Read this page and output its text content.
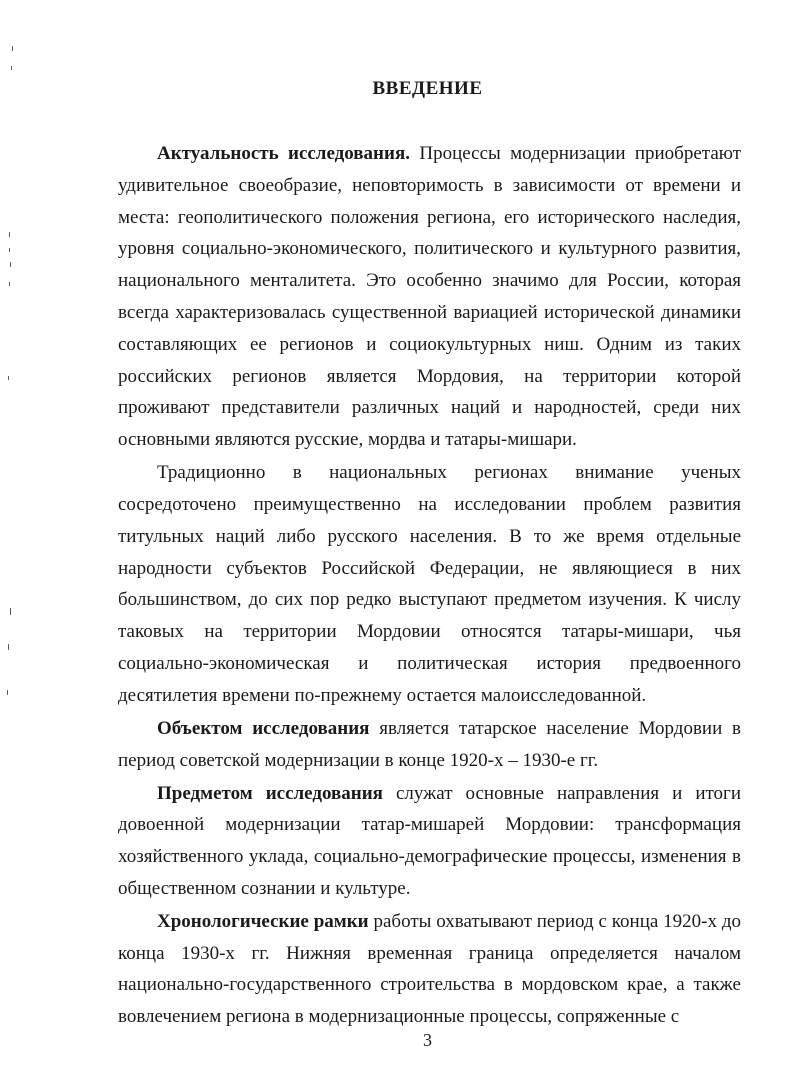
ВВЕДЕНИЕ

Актуальность исследования. Процессы модернизации приобретают удивительное своеобразие, неповторимость в зависимости от времени и места: геополитического положения региона, его исторического наследия, уровня социально-экономического, политического и культурного развития, национального менталитета. Это особенно значимо для России, которая всегда характеризовалась существенной вариацией исторической динамики составляющих ее регионов и социокультурных ниш. Одним из таких российских регионов является Мордовия, на территории которой проживают представители различных наций и народностей, среди них основными являются русские, мордва и татары-мишари.

Традиционно в национальных регионах внимание ученых сосредоточено преимущественно на исследовании проблем развития титульных наций либо русского населения. В то же время отдельные народности субъектов Российской Федерации, не являющиеся в них большинством, до сих пор редко выступают предметом изучения. К числу таковых на территории Мордовии относятся татары-мишари, чья социально-экономическая и политическая история предвоенного десятилетия времени по-прежнему остается малоисследованной.

Объектом исследования является татарское население Мордовии в период советской модернизации в конце 1920-х – 1930-е гг.

Предметом исследования служат основные направления и итоги довоенной модернизации татар-мишарей Мордовии: трансформация хозяйственного уклада, социально-демографические процессы, изменения в общественном сознании и культуре.

Хронологические рамки работы охватывают период с конца 1920-х до конца 1930-х гг. Нижняя временная граница определяется началом национально-государственного строительства в мордовском крае, а также вовлечением региона в модернизационные процессы, сопряженные с

3
